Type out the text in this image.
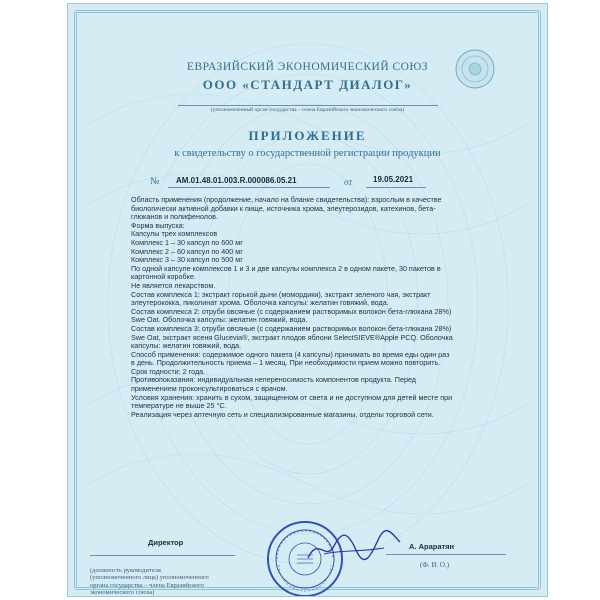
ЕВРАЗИЙСКИЙ ЭКОНОМИЧЕСКИЙ СОЮЗ
ООО «СТАНДАРТ ДИАЛОГ»
(уполномоченный орган государства – члена Евразийского экономического союза)
ПРИЛОЖЕНИЕ
к свидетельству о государственной регистрации продукции
№ AM.01.48.01.003.R.000086.05.21	от	19.05.2021
Область применения (продолжение, начало на бланке свидетельства): взрослым в качестве
биологически активной добавки к пище, источника хрома, элеутерозидов, катехинов, бета-
глюканов и полифенолов.
Форма выпуска:
Капсулы трех комплексов
Комплекс 1 – 30 капсул по 600 мг
Комплекс 2 – 60 капсул по 400 мг
Комплекс 3 – 30 капсул по 500 мг
По одной капсуле комплексов 1 и 3 и две капсулы комплекса 2 в одном пакете, 30 пакетов в
картонной коробке.
Не является лекарством.
Состав комплекса 1: экстракт горькой дыни (момордики), экстракт зеленого чая, экстракт
элеутерококка, пиколинат хрома. Оболочка капсулы: желатин говяжий, вода.
Состав комплекса 2: отруби овсяные (с содержанием растворимых волокон бета-глюкана 28%)
Swe Oat. Оболочка капсулы: желатин говяжий, вода.
Состав комплекса 3: отруби овсяные (с содержанием растворимых волокон бета-глюкана 28%)
Swe Oat, экстракт ясеня Glucevia®, экстракт плодов яблони SelectSIEVE®Apple PCQ. Оболочка
капсулы: желатин говяжий, вода.
Способ применения: содержимое одного пакета (4 капсулы) принимать во время еды один раз
в день. Продолжительность приема – 1 месяц. При необходимости прием можно повторить.
Срок годности: 2 года.
Противопоказания: индивидуальная непереносимость компонентов продукта. Перед
применением проконсультироваться с врачом.
Условия хранения: хранить в сухом, защищенном от света и не доступном для детей месте при
температуре не выше 25 °С.
Реализация через аптечную сеть и специализированные магазины, отделы торговой сети.
Директор
(должность руководителя
(уполномоченного лица) уполномоченного
органа государства – члена Евразийского
экономического союза)
А. Араратян
(Ф. И. О.)
